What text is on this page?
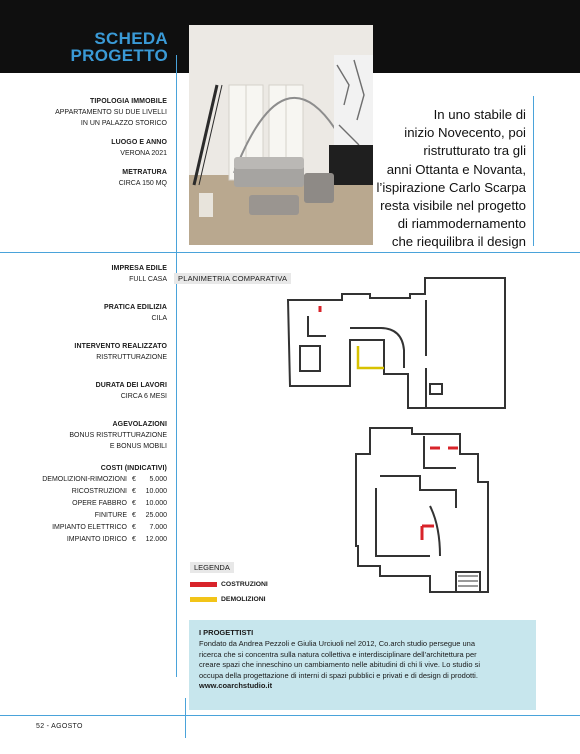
SCHEDA
PROGETTO
In uno stabile di
inizio Novecento, poi
ristrutturato tra gli
anni Ottanta e Novanta,
l’ispirazione Carlo Scarpa
resta visibile nel progetto
di riammodernamento
che riequilibra il design
TIPOLOGIA IMMOBILE
APPARTAMENTO SU DUE LIVELLI
IN UN PALAZZO STORICO
LUOGO E ANNO
VERONA 2021
METRATURA
CIRCA 150 MQ
IMPRESA EDILE
FULL CASA
PRATICA EDILIZIA
CILA
INTERVENTO REALIZZATO
RISTRUTTURAZIONE
DURATA DEI LAVORI
CIRCA 6 MESI
AGEVOLAZIONI
BONUS RISTRUTTURAZIONE
E BONUS MOBILI
COSTI (INDICATIVI)
DEMOLIZIONI-RIMOZIONI €	5.000
RICOSTRUZIONI €	10.000
OPERE FABBRO €	10.000
FINITURE €	25.000
IMPIANTO ELETTRICO €	7.000
IMPIANTO IDRICO €	12.000
PLANIMETRIA COMPARATIVA
LEGENDA
COSTRUZIONI
DEMOLIZIONI
I PROGETTISTI
Fondato da Andrea Pezzoli e Giulia Urciuoli nel 2012, Co.arch studio persegue una
ricerca che si concentra sulla natura collettiva e interdisciplinare dell’architettura per
creare spazi che inneschino un cambiamento nelle abitudini di chi li vive. Lo studio si
occupa della progettazione di interni di spazi pubblici e privati e di design di prodotti.
www.coarchstudio.it
52 - AGOSTO
